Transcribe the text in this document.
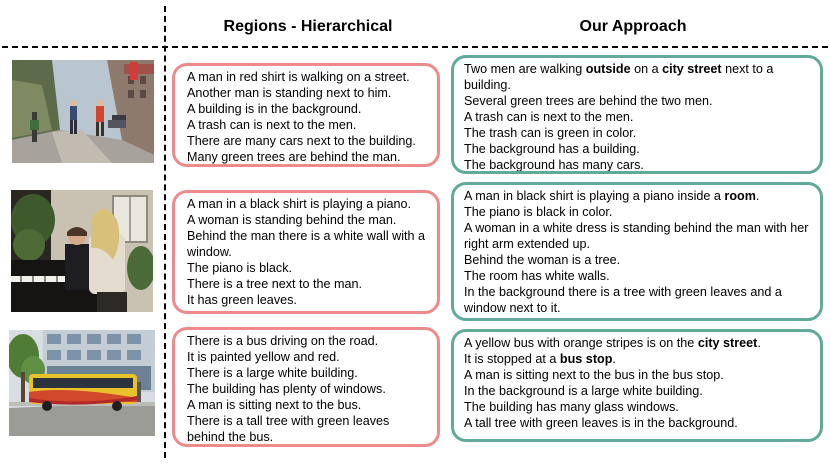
Regions - Hierarchical	Our Approach

A man in red shirt is walking on a street.

Another man is standing next to him.

A building is in the background.

A trash can is next to the men.

There are many cars next to the building.

Many green trees are behind the man.

Two men are walking outside on a city street next to a building.

Several green trees are behind the two men.

A trash can is next to the men.

The trash can is green in color.

The background has a building.

The background has many cars.

A man in a black shirt is playing a piano.

A woman is standing behind the man.

Behind the man there is a white wall with a window.

The piano is black.

There is a tree next to the man.

It has green leaves.

A man in black shirt is playing a piano inside a room.

The piano is black in color.

A woman in a white dress is standing behind the man with her right arm extended up.

Behind the woman is a tree.

The room has white walls.

In the background there is a tree with green leaves and a window next to it.

There is a bus driving on the road.

It is painted yellow and red.

There is a large white building.

The building has plenty of windows.

A man is sitting next to the bus.

There is a tall tree with green leaves behind the bus.

A yellow bus with orange stripes is on the city street.

It is stopped at a bus stop.

A man is sitting next to the bus in the bus stop.

In the background is a large white building.

The building has many glass windows.

A tall tree with green leaves is in the background.
